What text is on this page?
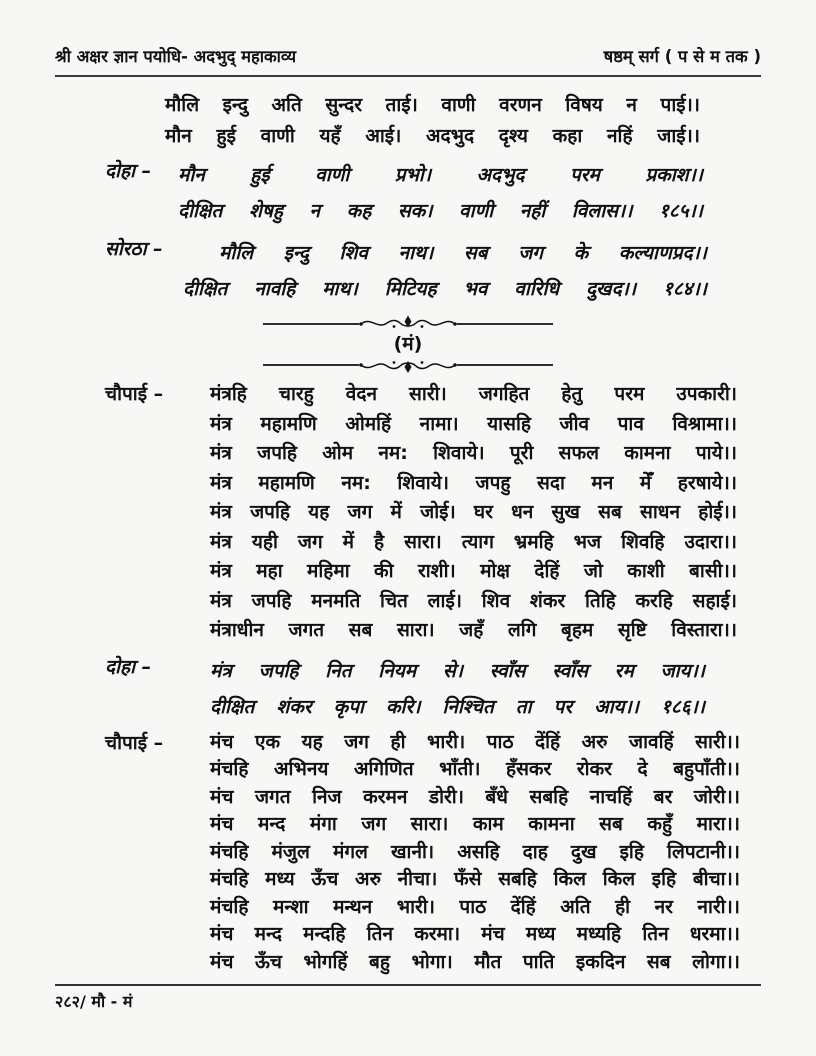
श्री अक्षर ज्ञान पयोधि- अदभुद् महाकाव्य	षष्ठम् सर्ग ( प से म तक )
मौलि इन्दु अति सुन्दर ताई। वाणी वरणन विषय न पाई।।
मौन हुई वाणी यहँ आई। अदभुद दृश्य कहा नहिं जाई।।
दोहा – मौन हुई वाणी प्रभो। अदभुद परम प्रकाश।।
दीक्षित शेषहु न कह सक। वाणी नहीं विलास।। १८५।।
सोरठा –	मौलि इन्दु शिव नाथ। सब जग के कल्याणप्रद।।
दीक्षित नावहि माथ। मिटियह भव वारिधि दुखद।। १८४।।
(मं)
चौपाई – मंत्रहि चारहु वेदन सारी। जगहित हेतु परम उपकारी।
मंत्र महामणि ओमहिं नामा। यासहि जीव पाव विश्रामा।।
मंत्र जपहि ओम नम: शिवाये। पूरी सफल कामना पाये।।
मंत्र महामणि नम: शिवाये। जपहु सदा मन मेँ हरषाये।।
मंत्र जपहि यह जग में जोई। घर धन सुख सब साधन होई।।
मंत्र यही जग में है सारा। त्याग भ्रमहि भज शिवहि उदारा।।
मंत्र महा महिमा की राशी। मोक्ष देहिं जो काशी बासी।।
मंत्र जपहि मनमति चित लाई। शिव शंकर तिहि करहि सहाई।
मंत्राधीन जगत सब सारा। जहँ लगि बृहम सृष्टि विस्तारा।।
दोहा –	मंत्र जपहि नित नियम से। स्वाँस स्वाँस रम जाय।।
दीक्षित शंकर कृपा करि। निश्चित ता पर आय।। १८६।।
चौपाई – मंच एक यह जग ही भारी। पाठ देंहिं अरु जावहिं सारी।।
मंचहि अभिनय अगिणित भाँती। हँसकर रोकर दे बहुपाँती।।
मंच जगत निज करमन डोरी। बँधे सबहि नाचहिं बर जोरी।।
मंच मन्द मंगा जग सारा। काम कामना सब कहुँ मारा।।
मंचहि मंजुल मंगल खानी। असहि दाह दुख इहि लिपटानी।।
मंचहि मध्य ऊँच अरु नीचा। फँसे सबहि किल किल इहि बीचा।।
मंचहि मन्शा मन्थन भारी। पाठ देंहिं अति ही नर नारी।।
मंच मन्द मन्दहि तिन करमा। मंच मध्य मध्यहि तिन धरमा।।
मंच ऊँच भोगहिं बहु भोगा। मौत पाति इकदिन सब लोगा।।
२८२/ मौ - मं
